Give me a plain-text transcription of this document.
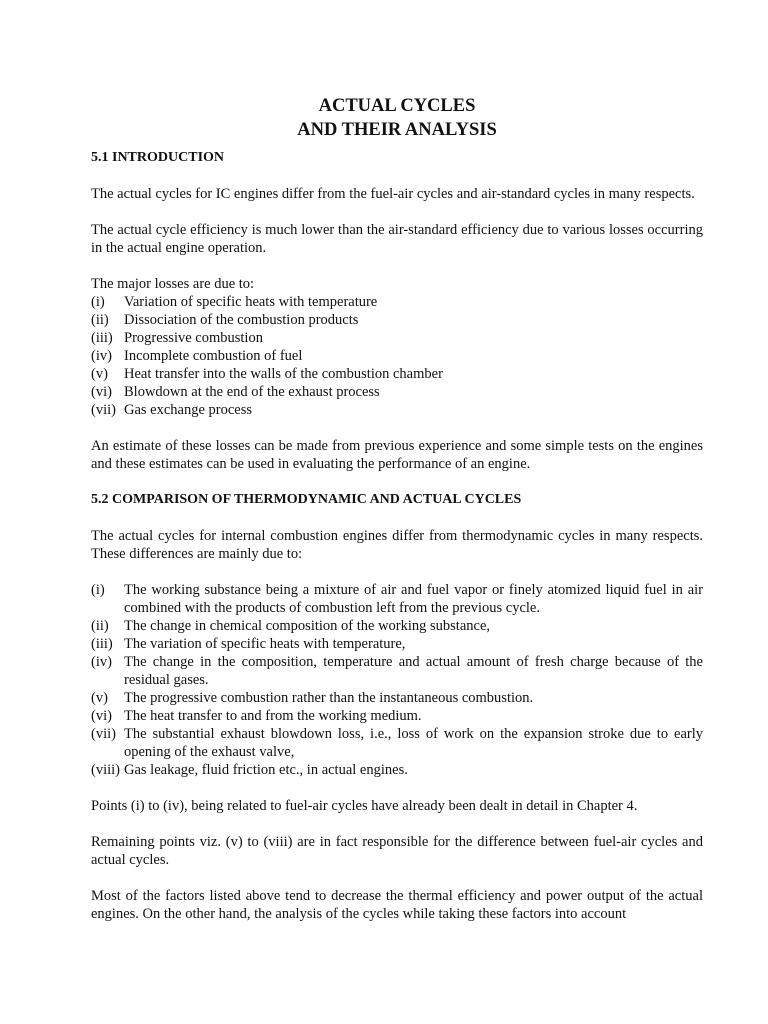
ACTUAL CYCLES
AND THEIR ANALYSIS
5.1 INTRODUCTION

The actual cycles for IC engines differ from the fuel-air cycles and air-standard cycles in many respects.

The actual cycle efficiency is much lower than the air-standard efficiency due to various losses occurring in the actual engine operation.

The major losses are due to:

(i)	Variation of specific heats with temperature
(ii)	Dissociation of the combustion products
(iii) Progressive combustion
(iv) Incomplete combustion of fuel
(v)	Heat transfer into the walls of the combustion chamber
(vi) Blowdown at the end of the exhaust process
(vii) Gas exchange process

An estimate of these losses can be made from previous experience and some simple tests on the engines and these estimates can be used in evaluating the performance of an engine.

5.2 COMPARISON OF THERMODYNAMIC AND ACTUAL CYCLES

The actual cycles for internal combustion engines differ from thermodynamic cycles in many respects. These differences are mainly due to:

(i)	The working substance being a mixture of air and fuel vapor or finely atomized liquid fuel in air combined with the products of combustion left from the previous cycle.
(ii)	The change in chemical composition of the working substance,
(iii) The variation of specific heats with temperature,
(iv) The change in the composition, temperature and actual amount of fresh charge because of the residual gases.
(v)	The progressive combustion rather than the instantaneous combustion.
(vi) The heat transfer to and from the working medium.
(vii) The substantial exhaust blowdown loss, i.e., loss of work on the expansion stroke due to early opening of the exhaust valve,
(viii) Gas leakage, fluid friction etc., in actual engines.

Points (i) to (iv), being related to fuel-air cycles have already been dealt in detail in Chapter 4.

Remaining points viz. (v) to (viii) are in fact responsible for the difference between fuel-air cycles and actual cycles.

Most of the factors listed above tend to decrease the thermal efficiency and power output of the actual engines. On the other hand, the analysis of the cycles while taking these factors into account
